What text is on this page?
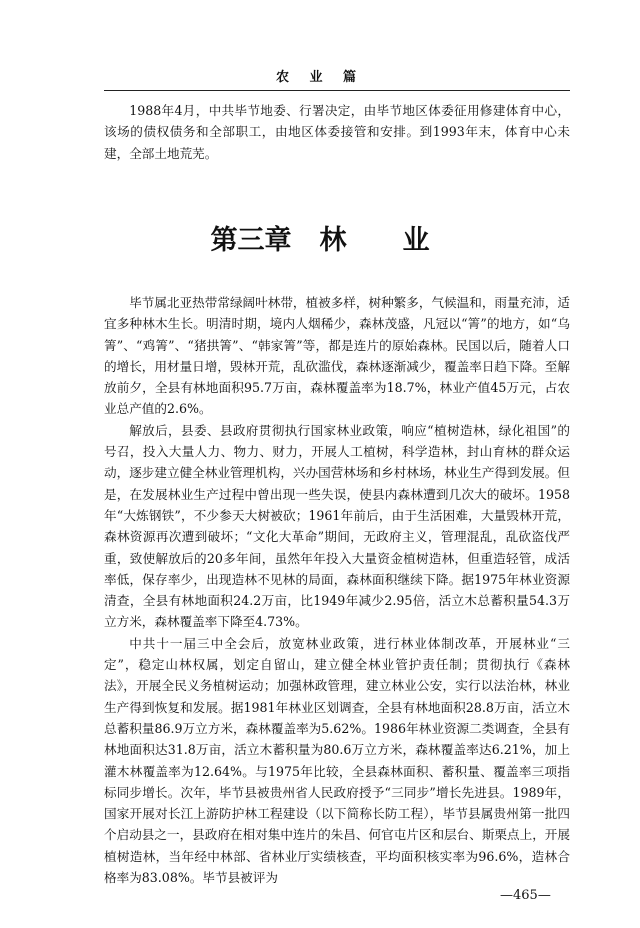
农 业 篇

1988年4月，中共毕节地委、行署决定，由毕节地区体委征用修建体育中心，该场的债权债务和全部职工，由地区体委接管和安排。到1993年末，体育中心未建，全部土地荒芜。

第三章 林 业

毕节属北亚热带常绿阔叶林带，植被多样，树种繁多，气候温和，雨量充沛，适宜多种林木生长。明清时期，境内人烟稀少，森林茂盛，凡冠以“箐”的地方，如“乌箐”、“鸡箐”、“猪拱箐”、“韩家箐”等，都是连片的原始森林。民国以后，随着人口的增长，用材量日增，毁林开荒，乱砍滥伐，森林逐渐减少，覆盖率日趋下降。至解放前夕，全县有林地面积95.7万亩，森林覆盖率为18.7%，林业产值45万元，占农业总产值的2.6%。

解放后，县委、县政府贯彻执行国家林业政策，响应“植树造林，绿化祖国”的号召，投入大量人力、物力、财力，开展人工植树，科学造林，封山育林的群众运动，逐步建立健全林业管理机构，兴办国营林场和乡村林场，林业生产得到发展。但是，在发展林业生产过程中曾出现一些失误，使县内森林遭到几次大的破坏。1958年“大炼钢铁”，不少参天大树被砍；1961年前后，由于生活困难，大量毁林开荒，森林资源再次遭到破坏；“文化大革命”期间，无政府主义，管理混乱，乱砍盗伐严重，致使解放后的20多年间，虽然年年投入大量资金植树造林，但重造轻管，成活率低，保存率少，出现造林不见林的局面，森林面积继续下降。据1975年林业资源清查，全县有林地面积24.2万亩，比1949年减少2.95倍，活立木总蓄积量54.3万立方米，森林覆盖率下降至4.73%。

中共十一届三中全会后，放宽林业政策，进行林业体制改革，开展林业“三定”，稳定山林权属，划定自留山，建立健全林业管护责任制；贯彻执行《森林法》，开展全民义务植树运动；加强林政管理，建立林业公安，实行以法治林，林业生产得到恢复和发展。据1981年林业区划调查，全县有林地面积28.8万亩，活立木总蓄积量86.9万立方米，森林覆盖率为5.62%。1986年林业资源二类调查，全县有林地面积达31.8万亩，活立木蓄积量为80.6万立方米，森林覆盖率达6.21%，加上灌木林覆盖率为12.64%。与1975年比较，全县森林面积、蓄积量、覆盖率三项指标同步增长。次年，毕节县被贵州省人民政府授予“三同步”增长先进县。1989年，国家开展对长江上游防护林工程建设（以下简称长防工程），毕节县属贵州第一批四个启动县之一，县政府在相对集中连片的朱昌、何官屯片区和层台、斯栗点上，开展植树造林，当年经中林部、省林业厅实绩核查，平均面积核实率为96.6%，造林合格率为83.08%。毕节县被评为

—465—
